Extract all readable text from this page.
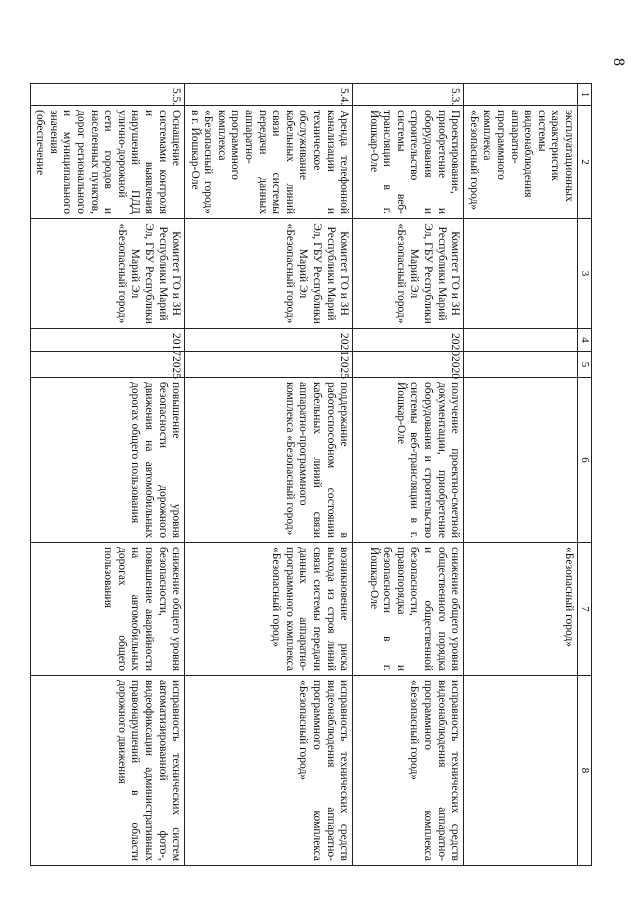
8
1	2	3	4	5	6	7	8
	эксплуатационных характеристик системы видеонаблюдения аппаратно-программного комплекса «Безопасный город»					«Безопасный город»	
5.3.	Проектирование, приобретение и оборудования и строительство системы веб-трансляции в г. Йошкар-Оле	Комитет ГО и ЗН Республики Марий Эл, ГБУ Республики Марий Эл «Безопасный город»	2020	2020	получение проектно-сметной документации, приобретение оборудования и строительство системы веб-трансляции в г. Йошкар-Оле	снижение общего уровня общественного порядка и общественной безопасности, правопорядка и безопасности в г. Йошкар-Оле	исправность технических средств видеонаблюдения аппаратно-программного комплекса «Безопасный город»
5.4.	Аренда телефонной канализации и техническое обслуживание кабельных линий связи системы передачи данных аппаратно-программного комплекса «Безопасный город» в г. Йошкар-Оле	Комитет ГО и ЗН Республики Марий Эл, ГБУ Республики Марий Эл «Безопасный город»	2021	2025	поддержание в работоспособном состоянии кабельных линий связи аппаратно-программного комплекса «Безопасный город»	возникновение риска выхода из строя линий связи системы передачи данных аппаратно-программного комплекса «Безопасный город»	исправность технических средств видеонаблюдения аппаратно-программного комплекса «Безопасный город»
5.5.	Оснащение системами контроля и выявления нарушений ПДД улично-дорожной сети городов и населенных пунктов, дорог регионального и муниципального значения (обеспечение	Комитет ГО и ЗН Республики Марий Эл, ГБУ Республики Марий Эл «Безопасный город»	2017	2025	повышение уровня безопасности дорожного движения на автомобильных дорогах общего пользования	снижение общего уровня безопасности, повышение аварийности на автомобильных дорогах общего пользования	исправность технических систем автоматизированной фото-, видеофиксации административных правонарушений в области дорожного движения
